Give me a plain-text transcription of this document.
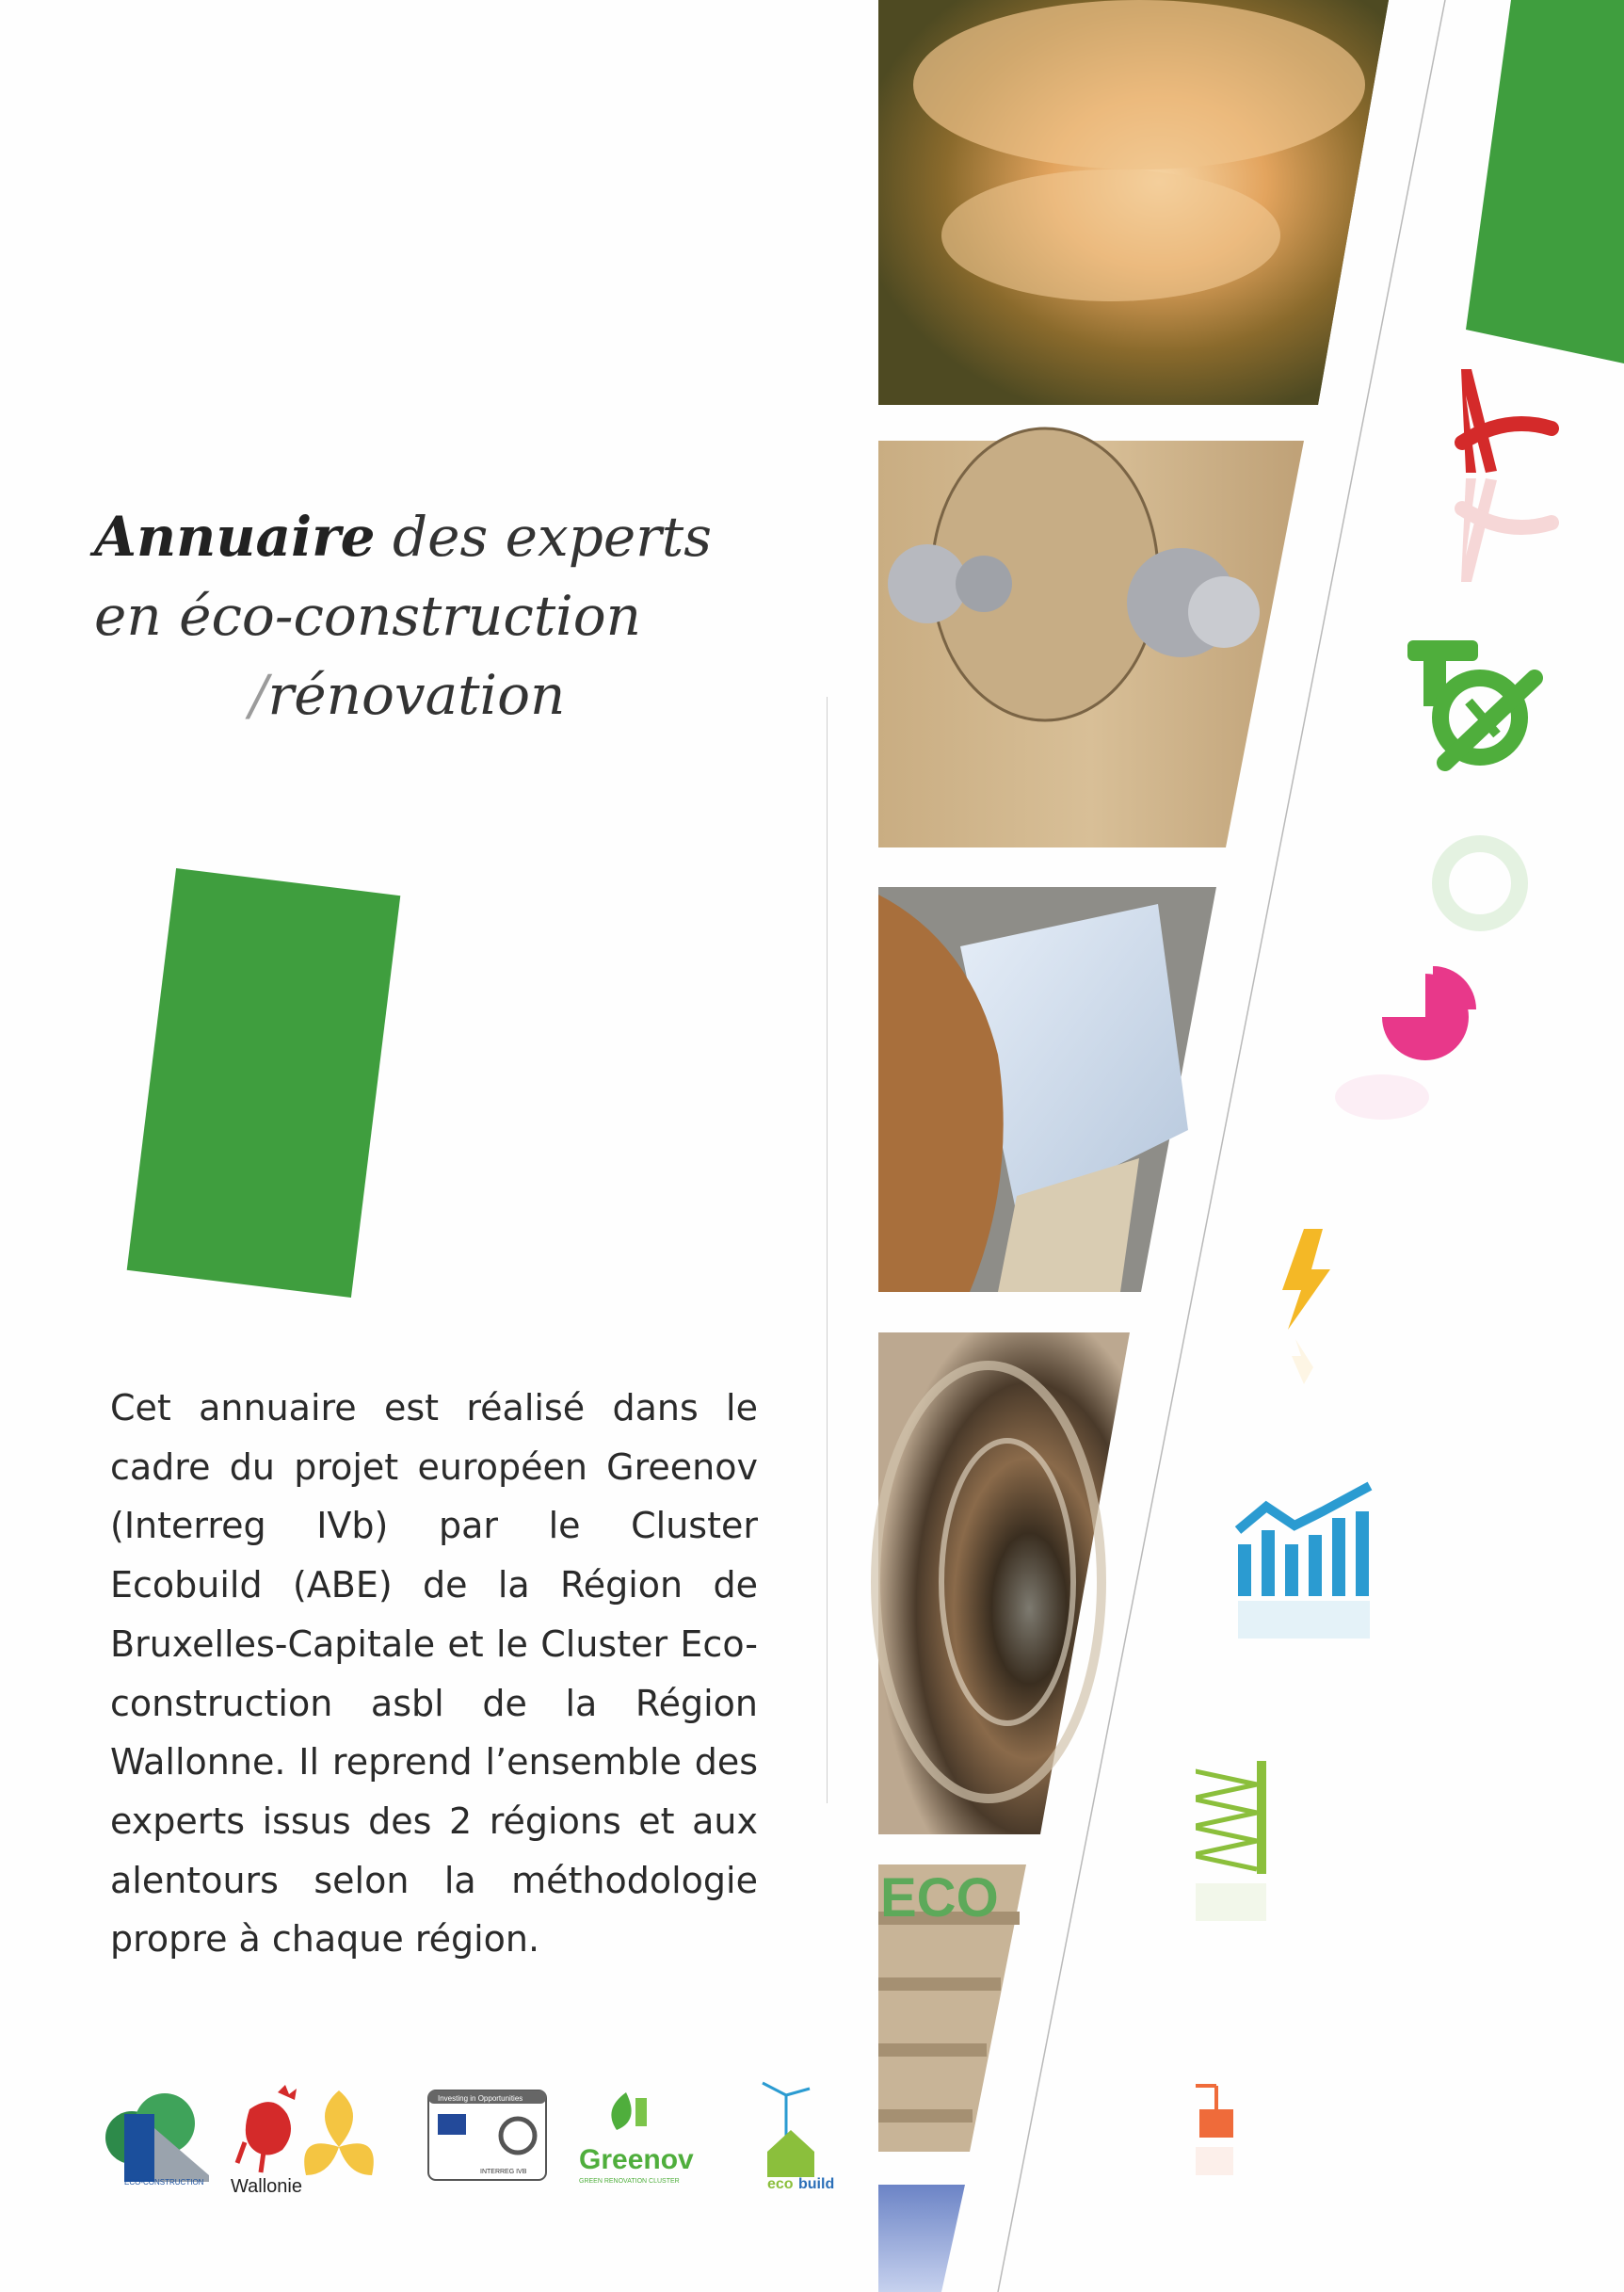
Annuaire des experts
en éco-construction
/rénovation
Cet annuaire est réalisé dans le cadre du projet européen Greenov (Interreg IVb) par le Cluster Ecobuild (ABE) de la Région de Bruxelles-Capitale et le Cluster Eco-construction asbl de la Région Wallonne. Il reprend l’ensemble des experts issus des 2 régions et aux alentours selon la méthodologie propre à chaque région.
ECO
ECO-CONSTRUCTION Wallonie
Investing in Opportunities
INTERREG IVB Greenov
GREEN RENOVATION CLUSTER	eco build
